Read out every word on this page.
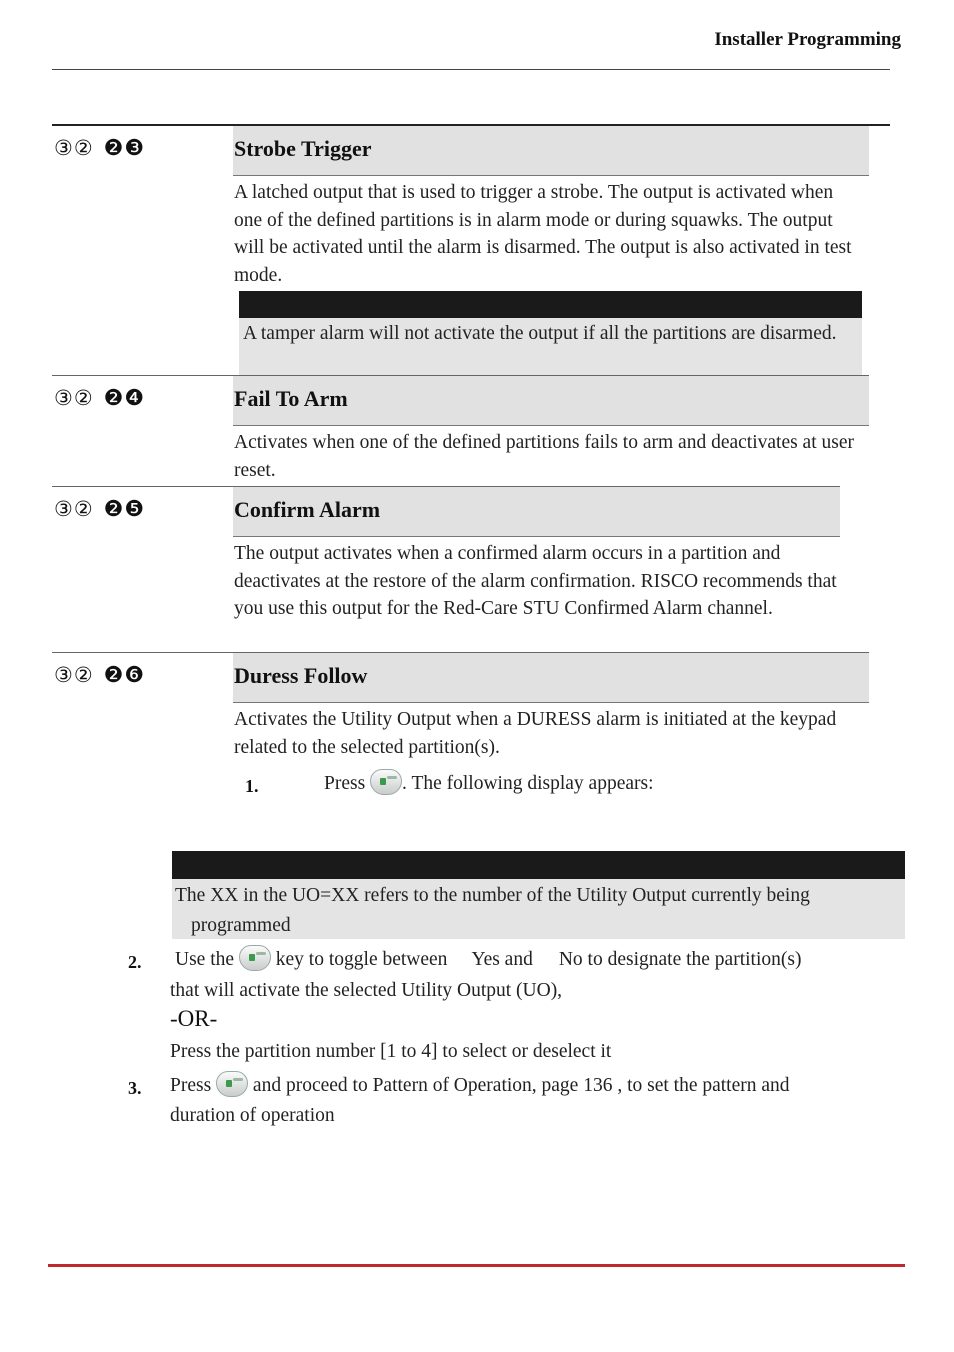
Installer Programming
③② ❷❸	Strobe Trigger
A latched output that is used to trigger a strobe. The output is activated when one of the defined partitions is in alarm mode or during squawks. The output will be activated until the alarm is disarmed. The output is also activated in test mode.
A tamper alarm will not activate the output if all the partitions are disarmed.
③② ❷❹	Fail To Arm
Activates when one of the defined partitions fails to arm and deactivates at user reset.
③② ❷❺	Confirm Alarm
The output activates when a confirmed alarm occurs in a partition and deactivates at the restore of the alarm confirmation. RISCO recommends that you use this output for the Red-Care STU Confirmed Alarm channel.
③② ❷❻	Duress Follow
Activates the Utility Output when a DURESS alarm is initiated at the keypad related to the selected partition(s).
1.	Press . The following display appears:
The XX in the UO=XX refers to the number of the Utility Output currently being
programmed
2. Use the key to toggle between Yes and No to designate the partition(s)
that will activate the selected Utility Output (UO),
-OR-
Press the partition number [1 to 4] to select or deselect it
3. Press and proceed to Pattern of Operation, page 136 , to set the pattern and
duration of operation
